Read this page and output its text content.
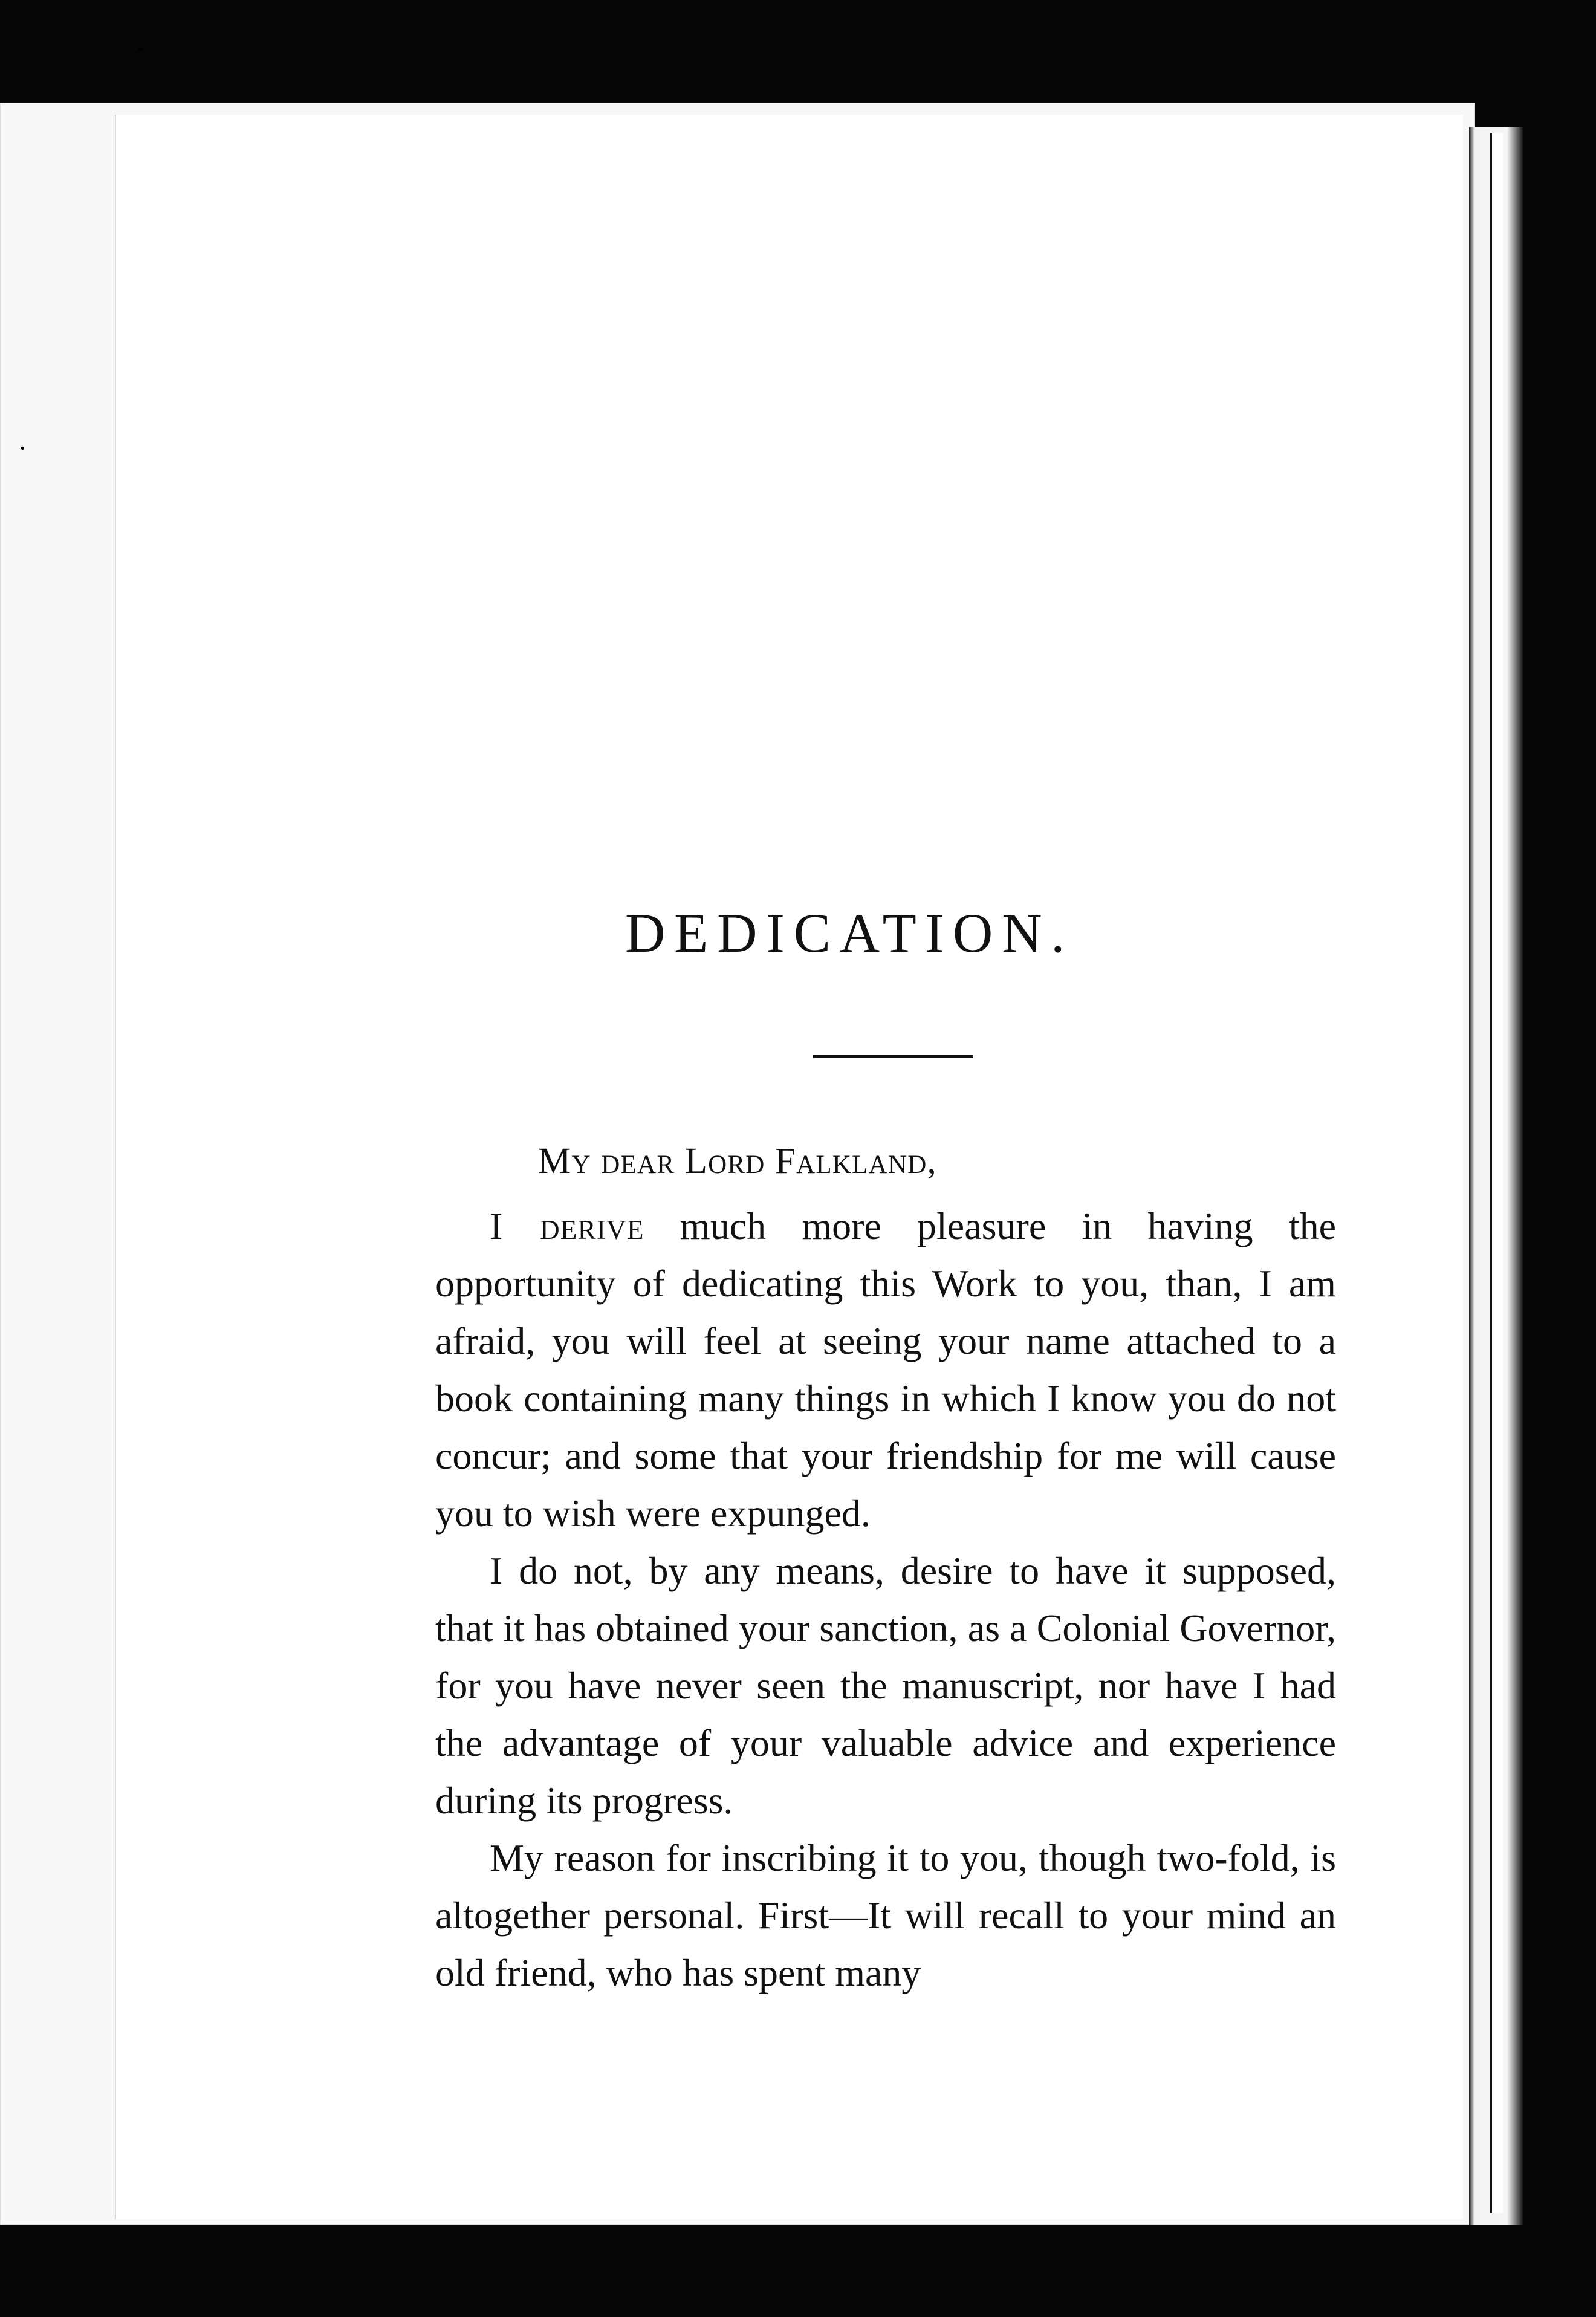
·
·
DEDICATION.

My dear Lord Falkland,

I derive much more pleasure in having the opportunity of dedicating this Work to you, than, I am afraid, you will feel at seeing your name attached to a book containing many things in which I know you do not concur; and some that your friendship for me will cause you to wish were expunged.

I do not, by any means, desire to have it supposed, that it has obtained your sanction, as a Colonial Governor, for you have never seen the manuscript, nor have I had the advantage of your valuable advice and experience during its progress.

My reason for inscribing it to you, though two-fold, is altogether personal. First—It will recall to your mind an old friend, who has spent many
